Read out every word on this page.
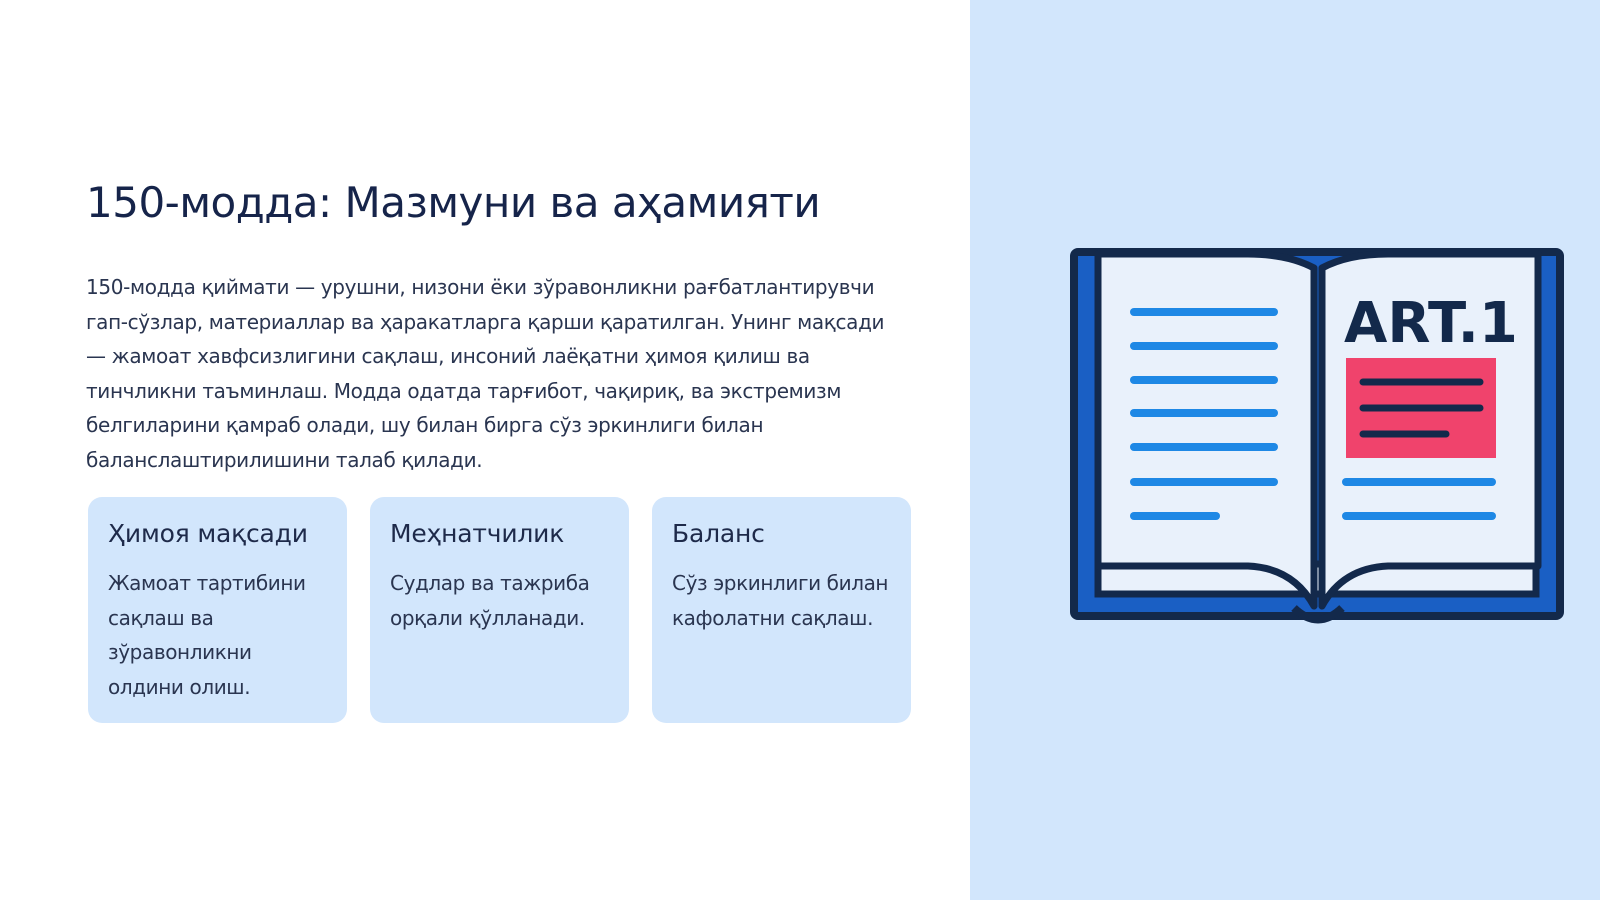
150-модда: Мазмуни ва аҳамияти

150-модда қиймати — урушни, низони ёки зўравонликни рағбатлантирувчи гап-сўзлар, материаллар ва ҳаракатларга қарши қаратилган. Унинг мақсади — жамоат хавфсизлигини сақлаш, инсоний лаёқатни ҳимоя қилиш ва тинчликни таъминлаш. Модда одатда тарғибот, чақириқ, ва экстремизм белгиларини қамраб олади, шу билан бирга сўз эркинлиги билан баланслаштирилишини талаб қилади.

Ҳимоя мақсади
Жамоат тартибини сақлаш ва зўравонликни олдини олиш.
Меҳнатчилик
Судлар ва тажриба орқали қўлланади.
Баланс
Сўз эркинлиги билан кафолатни сақлаш.
ART.1
